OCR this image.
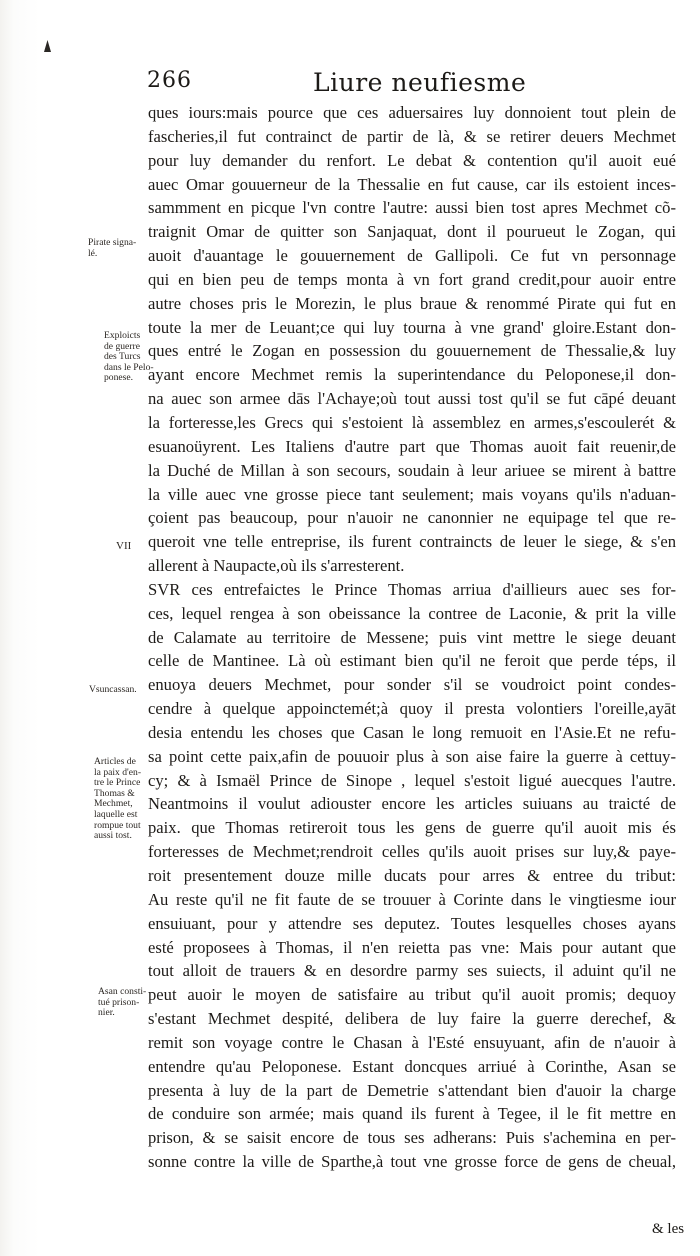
266	Liure neufiesme
ques iours:mais pource que ces aduersaires luy donnoient tout plein de
fascheries,il fut contrainct de partir de là, & se retirer deuers Mechmet
pour luy demander du renfort. Le debat & contention qu'il auoit eué
auec Omar gouuerneur de la Thessalie en fut cause, car ils estoient inces-
sammment en picque l'vn contre l'autre: aussi bien tost apres Mechmet cõ-
traignit Omar de quitter son Sanjaquat, dont il pourueut le Zogan, qui
auoit d'auantage le gouuernement de Gallipoli. Ce fut vn personnage
qui en bien peu de temps monta à vn fort grand credit,pour auoir entre
autre choses pris le Morezin, le plus braue & renommé Pirate qui fut en
toute la mer de Leuant;ce qui luy tourna à vne grand' gloire.Estant don-
ques entré le Zogan en possession du gouuernement de Thessalie,& luy
ayant encore Mechmet remis la superintendance du Peloponese,il don-
na auec son armee dās l'Achaye;où tout aussi tost qu'il se fut cāpé deuant
la forteresse,les Grecs qui s'estoient là assemblez en armes,s'escoulerét &
esuanoüyrent. Les Italiens d'autre part que Thomas auoit fait reuenir,de
la Duché de Millan à son secours, soudain à leur ariuee se mirent à battre
la ville auec vne grosse piece tant seulement; mais voyans qu'ils n'aduan-
çoient pas beaucoup, pour n'auoir ne canonnier ne equipage tel que re-
queroit vne telle entreprise, ils furent contraincts de leuer le siege, & s'en
allerent à Naupacte,où ils s'arresterent.
SVR ces entrefaictes le Prince Thomas arriua d'aillieurs auec ses for-
ces, lequel rengea à son obeissance la contree de Laconie, & prit la ville
de Calamate au territoire de Messene; puis vint mettre le siege deuant
celle de Mantinee. Là où estimant bien qu'il ne feroit que perde téps, il
enuoya deuers Mechmet, pour sonder s'il se voudroict point condes-
cendre à quelque appoinctemét;à quoy il presta volontiers l'oreille,ayāt
desia entendu les choses que Casan le long remuoit en l'Asie.Et ne refu-
sa point cette paix,afin de pouuoir plus à son aise faire la guerre à cettuy-
cy; & à Ismaël Prince de Sinope , lequel s'estoit ligué auecques l'autre.
Neantmoins il voulut adiouster encore les articles suiuans au traicté de
paix. que Thomas retireroit tous les gens de guerre qu'il auoit mis és
forteresses de Mechmet;rendroit celles qu'ils auoit prises sur luy,& paye-
roit presentement douze mille ducats pour arres & entree du tribut:
Au reste qu'il ne fit faute de se trouuer à Corinte dans le vingtiesme iour
ensuiuant, pour y attendre ses deputez. Toutes lesquelles choses ayans
esté proposees à Thomas, il n'en reietta pas vne: Mais pour autant que
tout alloit de trauers & en desordre parmy ses suiects, il aduint qu'il ne
peut auoir le moyen de satisfaire au tribut qu'il auoit promis; dequoy
s'estant Mechmet despité, delibera de luy faire la guerre derechef, &
remit son voyage contre le Chasan à l'Esté ensuyuant, afin de n'auoir à
entendre qu'au Peloponese. Estant doncques arriué à Corinthe, Asan se
presenta à luy de la part de Demetrie s'attendant bien d'auoir la charge
de conduire son armée; mais quand ils furent à Tegee, il le fit mettre en
prison, & se saisit encore de tous ses adherans: Puis s'achemina en per-
sonne contre la ville de Sparthe,à tout vne grosse force de gens de cheual,
Pirate signa-
lé.
Exploicts
de guerre
des Turcs
dans le Pelo-
ponese.
VII
Vsuncassan.
Articles de
la paix d'en-
tre le Prince
Thomas &
Mechmet,
laquelle est
rompue tout
aussi tost.
Asan consti-
tué prison-
nier.
& les
